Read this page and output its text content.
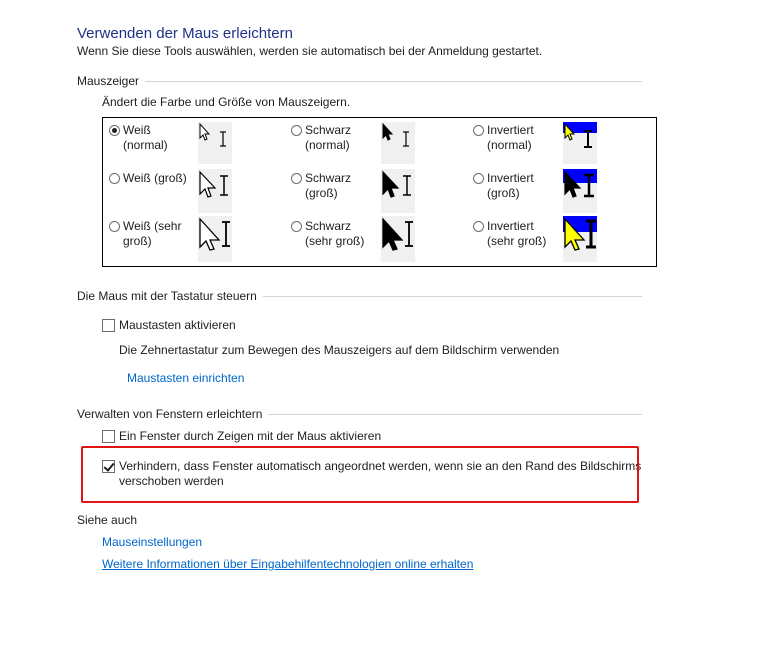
Verwenden der Maus erleichtern
Wenn Sie diese Tools auswählen, werden sie automatisch bei der Anmeldung gestartet.
Mauszeiger
Ändert die Farbe und Größe von Mauszeigern.
Weiß
(normal)
Schwarz
(normal)
Invertiert
(normal)
Weiß (groß)	Schwarz
(groß)
Invertiert
(groß)
Weiß (sehr
groß)
Schwarz
(sehr groß)
Invertiert
(sehr groß)
Die Maus mit der Tastatur steuern
Maustasten aktivieren
Die Zehnertastatur zum Bewegen des Mauszeigers auf dem Bildschirm verwenden
Maustasten einrichten
Verwalten von Fenstern erleichtern
Ein Fenster durch Zeigen mit der Maus aktivieren
Verhindern, dass Fenster automatisch angeordnet werden, wenn sie an den Rand des Bildschirms
verschoben werden
Siehe auch
Mauseinstellungen
Weitere Informationen über Eingabehilfentechnologien online erhalten
